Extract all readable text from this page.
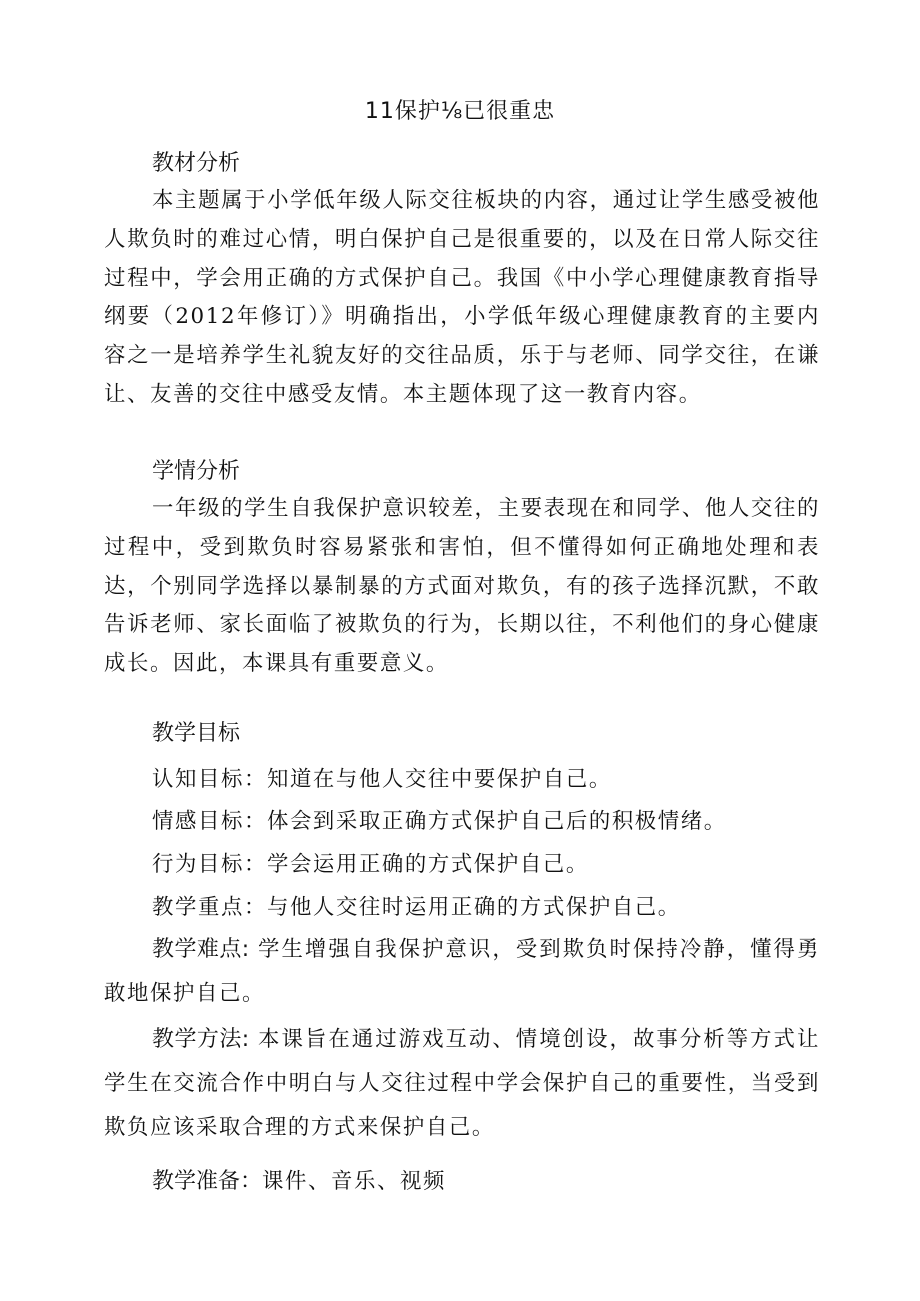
11保护⅛已很重忠
教材分析

本主题属于小学低年级人际交往板块的内容，通过让学生感受被他人欺负时的难过心情，明白保护自己是很重要的，以及在日常人际交往过程中，学会用正确的方式保护自己。我国《中小学心理健康教育指导纲要（2012年修订）》明确指出，小学低年级心理健康教育的主要内容之一是培养学生礼貌友好的交往品质，乐于与老师、同学交往，在谦让、友善的交往中感受友情。本主题体现了这一教育内容。

学情分析

一年级的学生自我保护意识较差，主要表现在和同学、他人交往的过程中，受到欺负时容易紧张和害怕，但不懂得如何正确地处理和表达，个别同学选择以暴制暴的方式面对欺负，有的孩子选择沉默，不敢告诉老师、家长面临了被欺负的行为，长期以往，不利他们的身心健康成长。因此，本课具有重要意义。

教学目标
认知目标：知道在与他人交往中要保护自己。
情感目标：体会到采取正确方式保护自己后的积极情绪。
行为目标：学会运用正确的方式保护自己。
教学重点：与他人交往时运用正确的方式保护自己。

教学难点: 学生增强自我保护意识，受到欺负时保持冷静，懂得勇敢地保护自己。

教学方法: 本课旨在通过游戏互动、情境创设，故事分析等方式让学生在交流合作中明白与人交往过程中学会保护自己的重要性，当受到欺负应该采取合理的方式来保护自己。

教学准备：课件、音乐、视频
